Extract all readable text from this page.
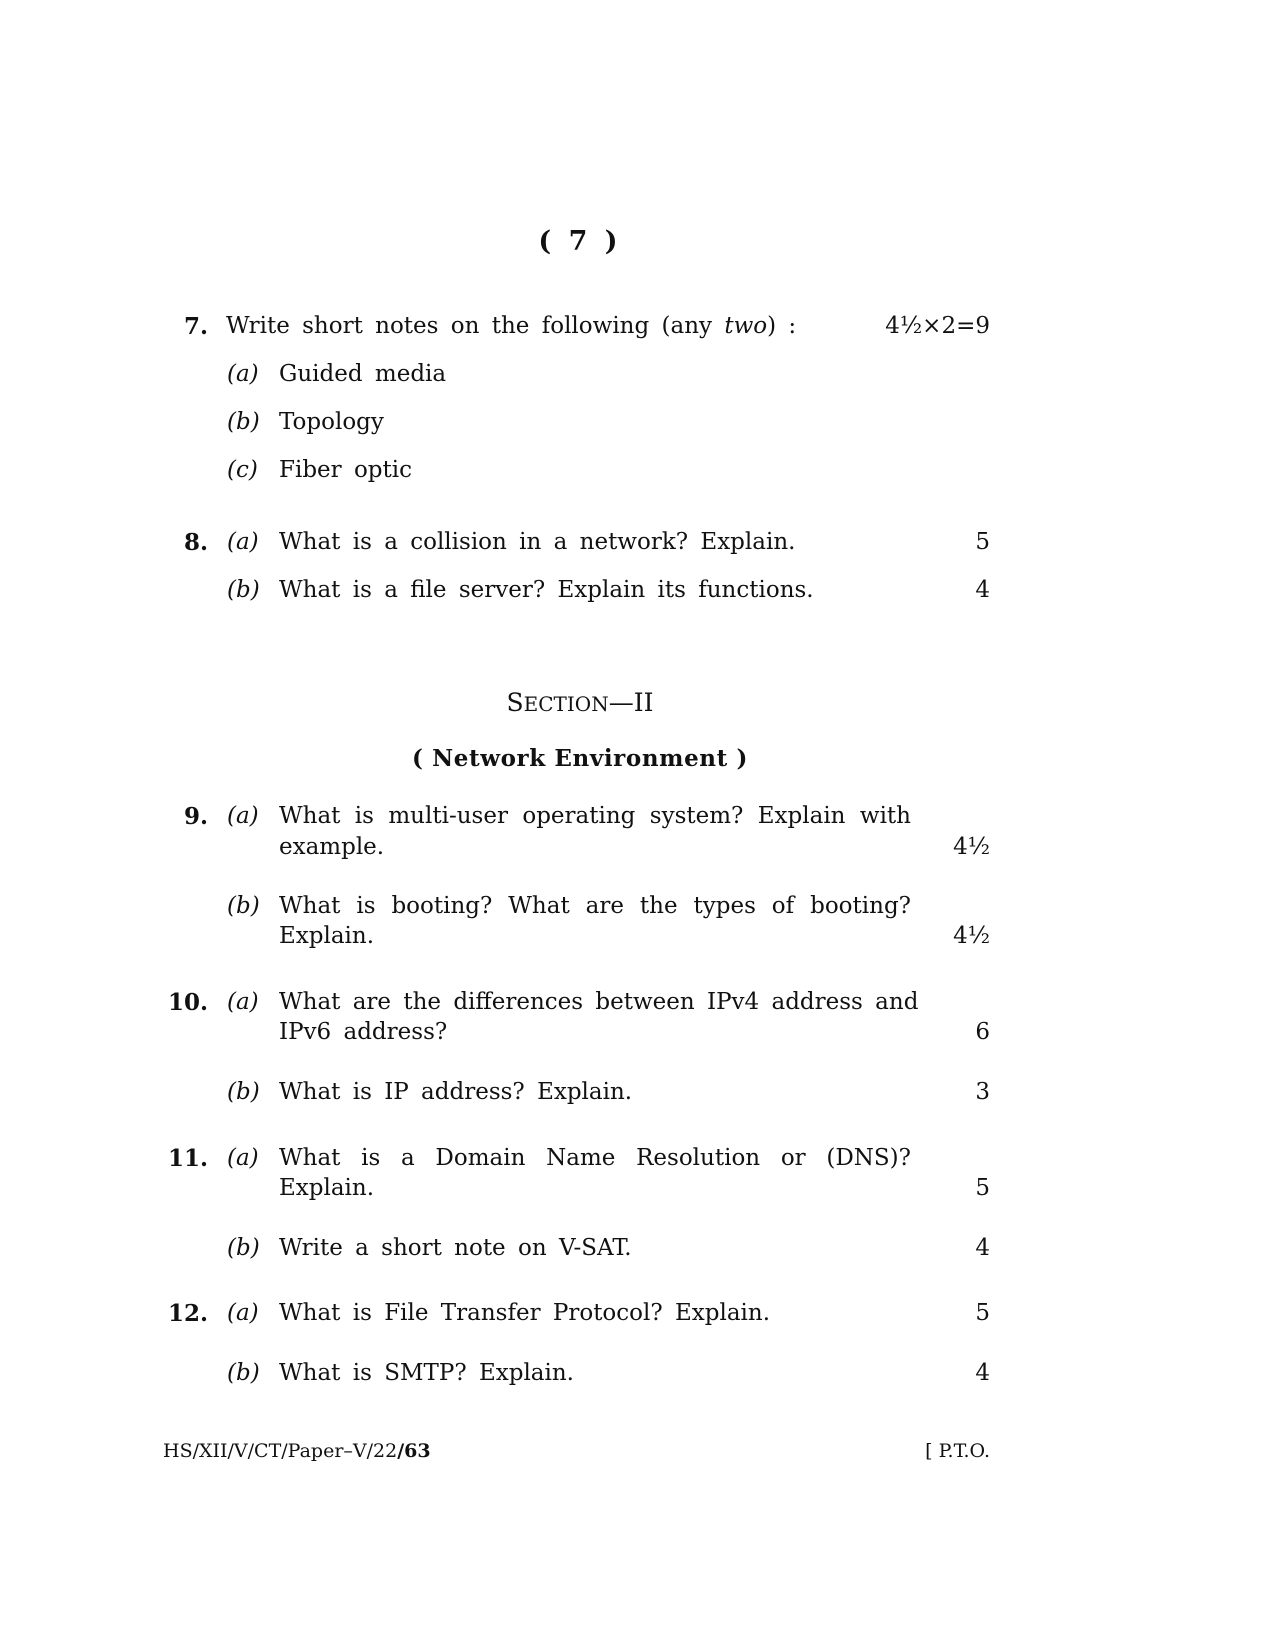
( 7 )
7. Write short notes on the following (any two) :	4½×2=9
(a) Guided media
(b) Topology
(c) Fiber optic
8. (a) What is a collision in a network? Explain.	5
(b) What is a file server? Explain its functions.	4
SECTION—II
( Network Environment )
9. (a) What is multi-user operating system? Explain with
example.	4½
(b) What is booting? What are the types of booting?
Explain.	4½
10. (a) What are the differences between IPv4 address and
IPv6 address?	6
(b) What is IP address? Explain.	3
11. (a) What is a Domain Name Resolution or (DNS)?
Explain.	5
(b) Write a short note on V-SAT.	4
12. (a) What is File Transfer Protocol? Explain.	5
(b) What is SMTP? Explain.	4
HS/XII/V/CT/Paper–V/22/63	[ P.T.O.
